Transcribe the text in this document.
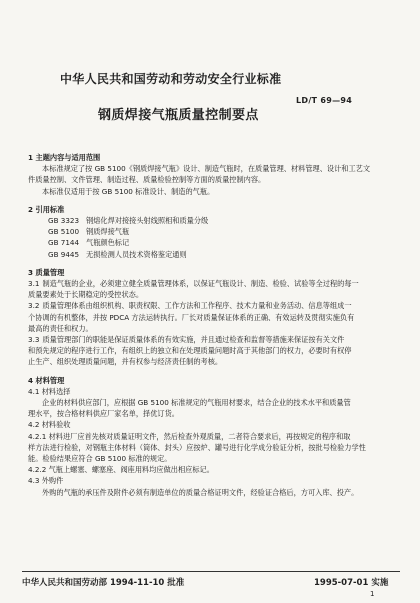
中华人民共和国劳动和劳动安全行业标准
LD/T 69—94
钢质焊接气瓶质量控制要点
1 主题内容与适用范围
本标准规定了按 GB 5100《钢质焊接气瓶》设计、制造气瓶时，在质量管理、材料管理、设计和工艺文
件质量控制、文件管理、制造过程、质量检验控制等方面的质量控制内容。
本标准仅适用于按 GB 5100 标准设计、制造的气瓶。
2 引用标准
GB 3323 钢熔化焊对接接头射线照相和质量分级
GB 5100 钢质焊接气瓶
GB 7144 气瓶颜色标记
GB 9445 无损检测人员技术资格鉴定通则
3 质量管理
3.1 制造气瓶的企业，必须建立健全质量管理体系，以保证气瓶设计、制造、检验、试验等全过程的每一
质量要素处于长期稳定的受控状态。
3.2 质量管理体系由组织机构、职责权限、工作方法和工作程序、技术力量和业务活动、信息等组成一
个协调的有机整体，并按 PDCA 方法运转执行。厂长对质量保证体系的正确、有效运转及贯彻实施负有
最高的责任和权力。
3.3 质量管理部门的职能是保证质量体系的有效实施，并且通过检查和监督等措施来保证按有关文件
和预先规定的程序进行工作，有组织上的独立和在处理质量问题时高于其他部门的权力，必要时有权停
止生产、组织处理质量问题，并有权参与经济责任制的考核。
4 材料管理
4.1 材料选择
企业的材料供应部门，应根据 GB 5100 标准规定的气瓶用材要求，结合企业的技术水平和质量管
理水平，按合格材料供应厂家名单，择优订货。
4.2 材料验收
4.2.1 材料进厂应首先核对质量证明文件，然后检查外观质量，二者符合要求后，再按规定的程序和取
样方法进行检验，对钢瓶主体材料（筒体、封头）应按炉、罐号进行化学成分验证分析，按批号检验力学性
能。检验结果应符合 GB 5100 标准的规定。
4.2.2 气瓶上螺塞、螺塞座、阀座用料均应做出相应标记。
4.3 外购件
外购的气瓶的承压件及附件必须有制造单位的质量合格证明文件，经验证合格后，方可入库、投产。
中华人民共和国劳动部 1994-11-10 批准	1995-07-01 实施
1
